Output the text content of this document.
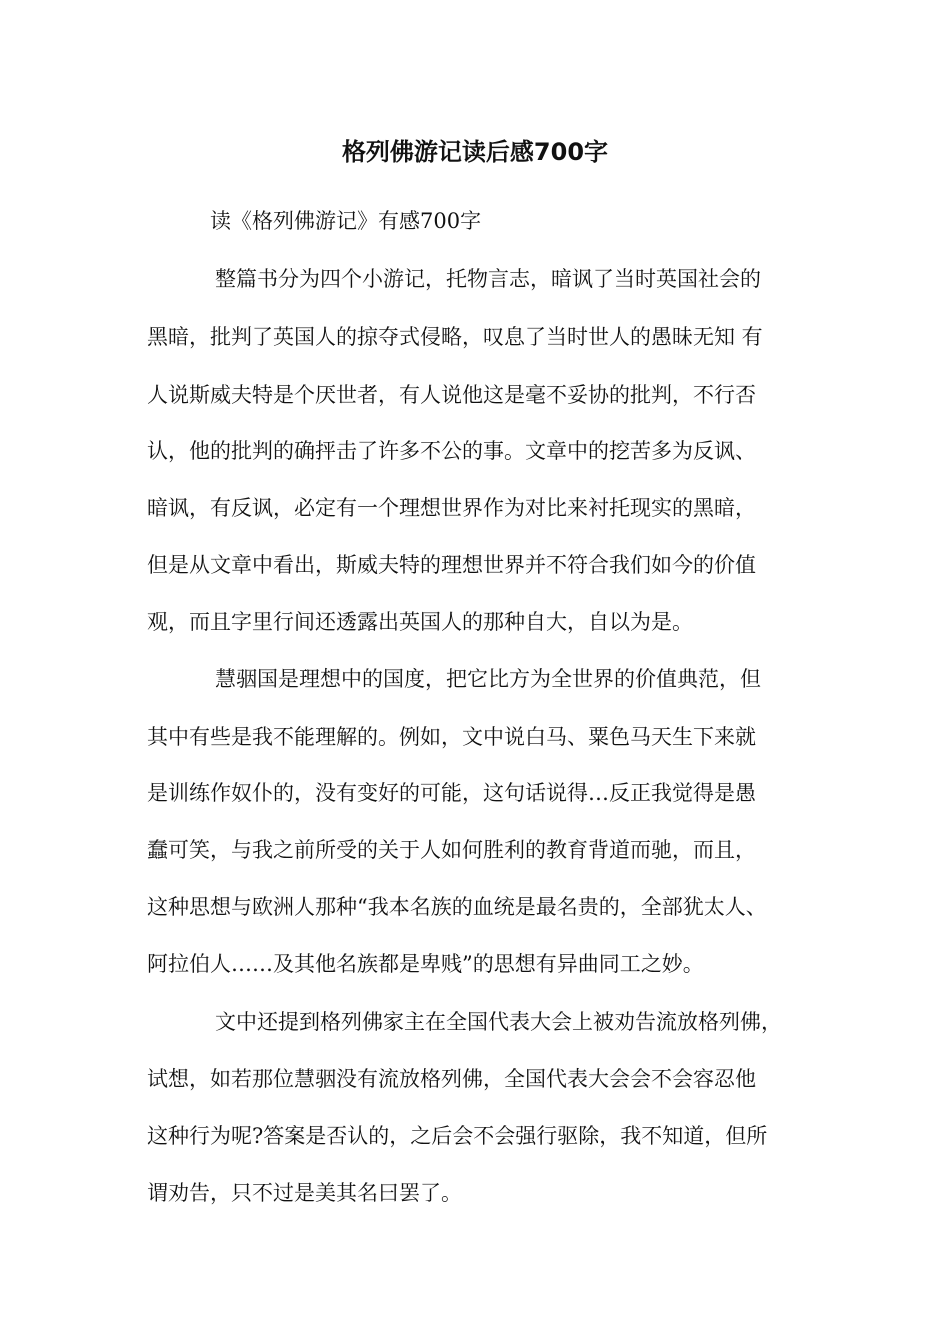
格列佛游记读后感700字
读《格列佛游记》有感700字
整篇书分为四个小游记，托物言志，暗讽了当时英国社会的
黑暗，批判了英国人的掠夺式侵略，叹息了当时世人的愚昧无知 有
人说斯威夫特是个厌世者，有人说他这是毫不妥协的批判，不行否
认，他的批判的确抨击了许多不公的事。文章中的挖苦多为反讽、
暗讽，有反讽，必定有一个理想世界作为对比来衬托现实的黑暗，
但是从文章中看出，斯威夫特的理想世界并不符合我们如今的价值
观，而且字里行间还透露出英国人的那种自大，自以为是。
慧骃国是理想中的国度，把它比方为全世界的价值典范，但
其中有些是我不能理解的。例如，文中说白马、粟色马天生下来就
是训练作奴仆的，没有变好的可能，这句话说得…反正我觉得是愚
蠢可笑，与我之前所受的关于人如何胜利的教育背道而驰，而且，
这种思想与欧洲人那种“我本名族的血统是最名贵的，全部犹太人、
阿拉伯人……及其他名族都是卑贱”的思想有异曲同工之妙。
文中还提到格列佛家主在全国代表大会上被劝告流放格列佛，
试想，如若那位慧骃没有流放格列佛，全国代表大会会不会容忍他
这种行为呢?答案是否认的，之后会不会强行驱除，我不知道，但所
谓劝告，只不过是美其名曰罢了。
